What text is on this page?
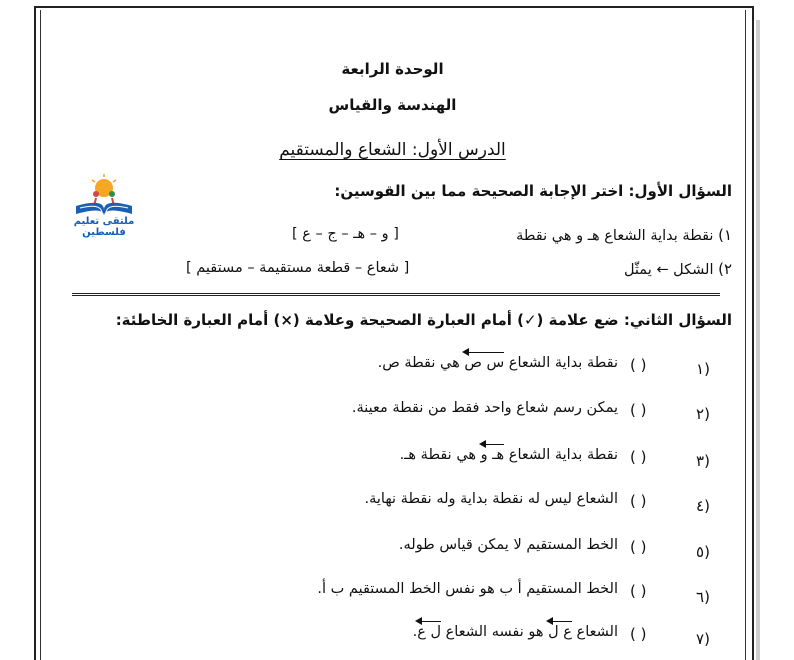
الوحدة الرابعة
الهندسة والقياس
الدرس الأول: الشعاع والمستقيم
ملتقى تعليم فلسطين
السؤال الأول: اختر الإجابة الصحيحة مما بين القوسين:
١) نقطة بداية الشعاع هـ و هي نقطة
[ و – هـ – ج – ع ]
٢) الشكل ← يمثّل
[ شعاع – قطعة مستقيمة – مستقيم ]
السؤال الثاني: ضع علامة (✓) أمام العبارة الصحيحة وعلامة (×) أمام العبارة الخاطئة:
١)
( )
نقطة بداية الشعاع س ص هي نقطة ص.
٢)
( )
يمكن رسم شعاع واحد فقط من نقطة معينة.
٣)
( )
نقطة بداية الشعاع هـ و هي نقطة هـ.
٤)
( )
الشعاع ليس له نقطة بداية وله نقطة نهاية.
٥)
( )
الخط المستقيم لا يمكن قياس طوله.
٦)
( )
الخط المستقيم أ ب هو نفس الخط المستقيم ب أ.
٧)
( )
الشعاع ع ل هو نفسه الشعاع ل ع.
